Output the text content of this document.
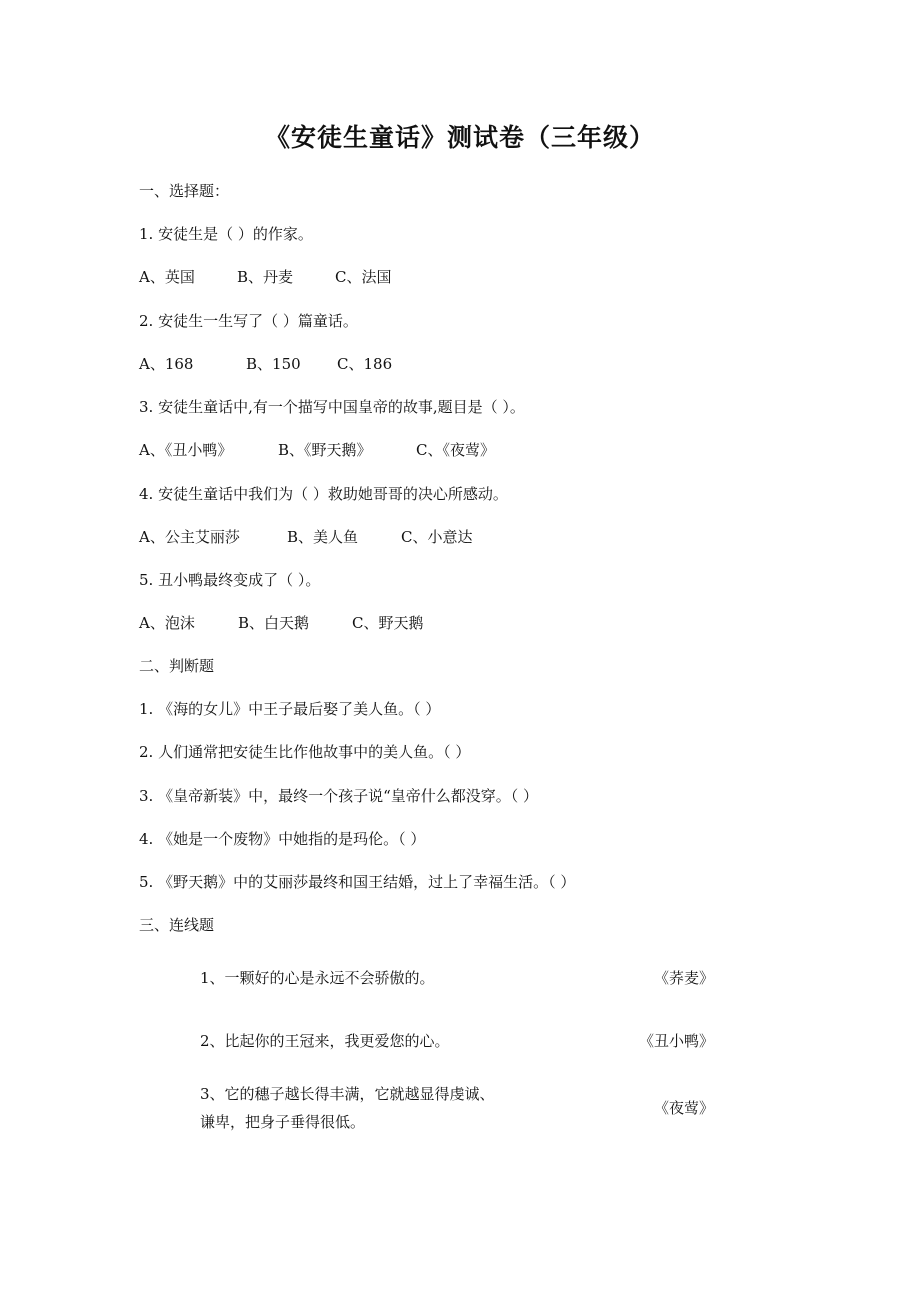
《安徒生童话》测试卷（三年级）
一、选择题：
1. 安徒生是（ ）的作家。
A、英国	B、丹麦	C、法国
2. 安徒生一生写了（ ）篇童话。
A、168	B、150 C、186
3. 安徒生童话中,有一个描写中国皇帝的故事,题目是（ ）。
A、《丑小鸭》	B、《野天鹅》	C、《夜莺》
4. 安徒生童话中我们为（ ）救助她哥哥的决心所感动。
A、公主艾丽莎	B、美人鱼	C、小意达
5. 丑小鸭最终变成了（ ）。
A、泡沫	B、白天鹅	C、野天鹅
二、判断题
1. 《海的女儿》中王子最后娶了美人鱼。（ ）
2. 人们通常把安徒生比作他故事中的美人鱼。（ ）
3. 《皇帝新装》中，最终一个孩子说“皇帝什么都没穿。（ ）
4. 《她是一个废物》中她指的是玛伦。（ ）
5. 《野天鹅》中的艾丽莎最终和国王结婚，过上了幸福生活。（ ）
三、连线题
1、一颗好的心是永远不会骄傲的。	《荞麦》
2、比起你的王冠来，我更爱您的心。	《丑小鸭》
3、它的穗子越长得丰满，它就越显得虔诚、
谦卑，把身子垂得很低。
《夜莺》
